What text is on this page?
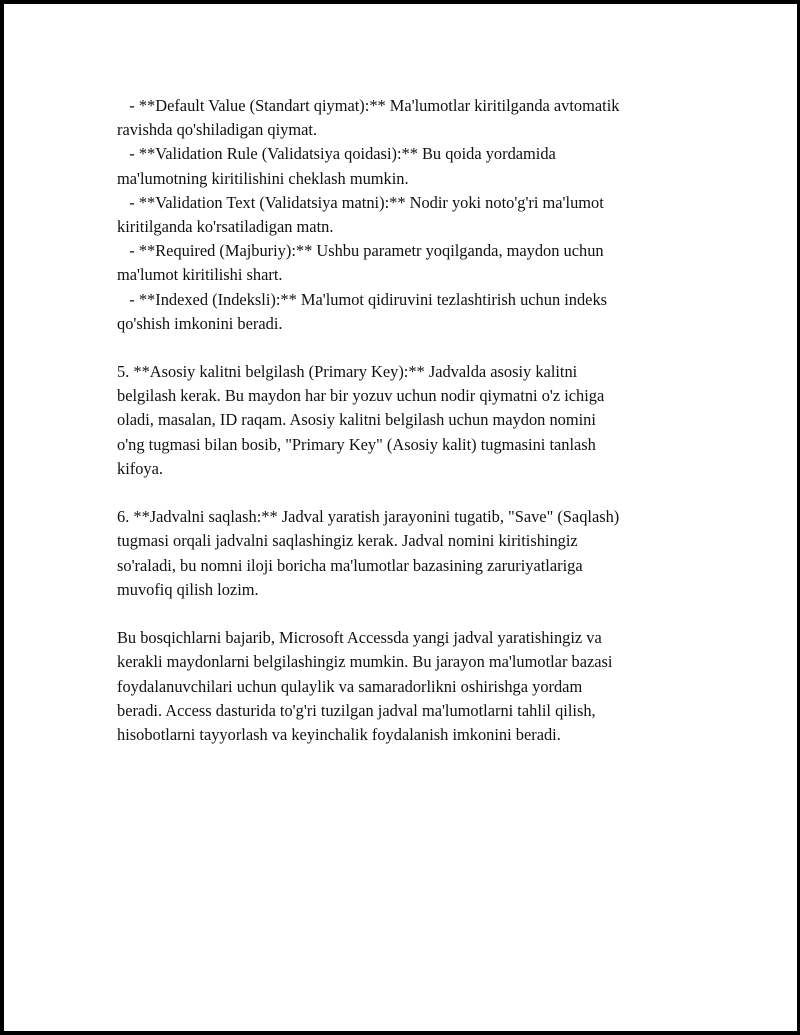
- **Default Value (Standart qiymat):** Ma'lumotlar kiritilganda avtomatik
ravishda qo'shiladigan qiymat.
- **Validation Rule (Validatsiya qoidasi):** Bu qoida yordamida
ma'lumotning kiritilishini cheklash mumkin.
- **Validation Text (Validatsiya matni):** Nodir yoki noto'g'ri ma'lumot
kiritilganda ko'rsatiladigan matn.
- **Required (Majburiy):** Ushbu parametr yoqilganda, maydon uchun
ma'lumot kiritilishi shart.
- **Indexed (Indeksli):** Ma'lumot qidiruvini tezlashtirish uchun indeks
qo'shish imkonini beradi.
5. **Asosiy kalitni belgilash (Primary Key):** Jadvalda asosiy kalitni
belgilash kerak. Bu maydon har bir yozuv uchun nodir qiymatni o'z ichiga
oladi, masalan, ID raqam. Asosiy kalitni belgilash uchun maydon nomini
o'ng tugmasi bilan bosib, "Primary Key" (Asosiy kalit) tugmasini tanlash
kifoya.
6. **Jadvalni saqlash:** Jadval yaratish jarayonini tugatib, "Save" (Saqlash)
tugmasi orqali jadvalni saqlashingiz kerak. Jadval nomini kiritishingiz
so'raladi, bu nomni iloji boricha ma'lumotlar bazasining zaruriyatlariga
muvofiq qilish lozim.
Bu bosqichlarni bajarib, Microsoft Accessda yangi jadval yaratishingiz va
kerakli maydonlarni belgilashingiz mumkin. Bu jarayon ma'lumotlar bazasi
foydalanuvchilari uchun qulaylik va samaradorlikni oshirishga yordam
beradi. Access dasturida to'g'ri tuzilgan jadval ma'lumotlarni tahlil qilish,
hisobotlarni tayyorlash va keyinchalik foydalanish imkonini beradi.
